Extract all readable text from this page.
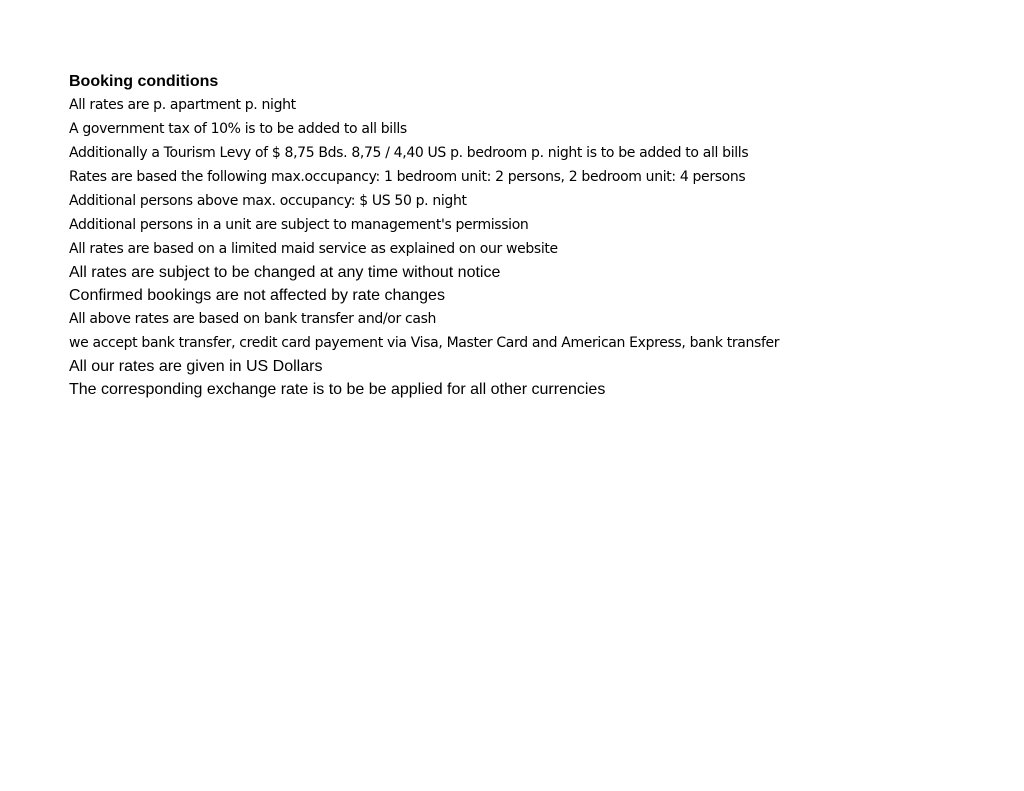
Booking conditions
All rates are p. apartment p. night
A government tax of 10% is to be added to all bills
Additionally a Tourism Levy of $ 8,75 Bds. 8,75 / 4,40 US p. bedroom p. night is to be added to all bills
Rates are based the following max.occupancy: 1 bedroom unit: 2 persons, 2 bedroom unit: 4 persons
Additional persons above max. occupancy: $ US 50 p. night
Additional persons in a unit are subject to management's permission
All rates are based on a limited maid service as explained on our website
All rates are subject to be changed at any time without notice
Confirmed bookings are not affected by rate changes
All above rates are based on bank transfer and/or cash
we accept bank transfer, credit card payement via Visa, Master Card and American Express, bank transfer
All our rates are given in US Dollars
The corresponding exchange rate is to be be applied for all other currencies
